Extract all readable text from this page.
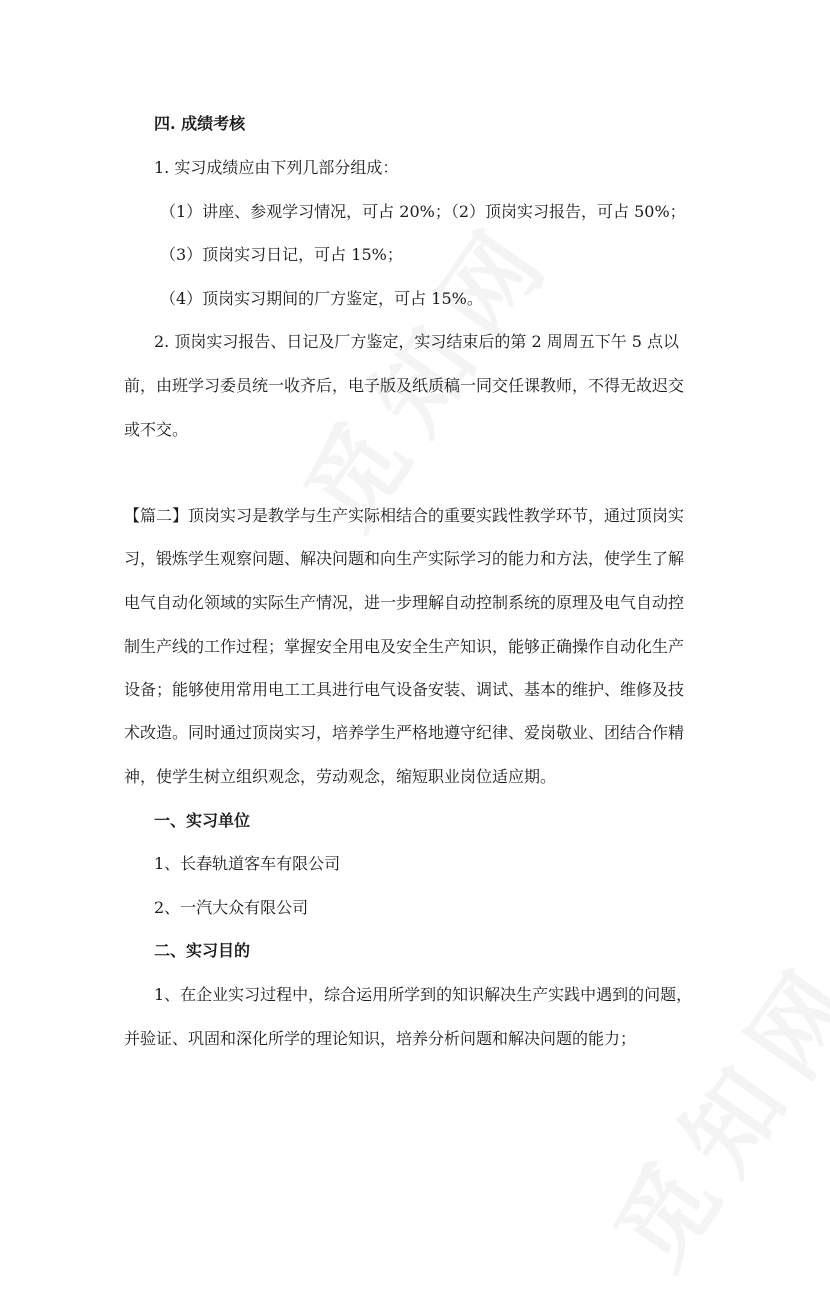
四. 成绩考核
1. 实习成绩应由下列几部分组成：
（1）讲座、参观学习情况，可占 20%；（2）顶岗实习报告，可占 50%；
（3）顶岗实习日记，可占 15%；
（4）顶岗实习期间的厂方鉴定，可占 15%。
2. 顶岗实习报告、日记及厂方鉴定，实习结束后的第 2 周周五下午 5 点以
前，由班学习委员统一收齐后，电子版及纸质稿一同交任课教师，不得无故迟交
或不交。
【篇二】顶岗实习是教学与生产实际相结合的重要实践性教学环节，通过顶岗实
习，锻炼学生观察问题、解决问题和向生产实际学习的能力和方法，使学生了解
电气自动化领域的实际生产情况，进一步理解自动控制系统的原理及电气自动控
制生产线的工作过程；掌握安全用电及安全生产知识，能够正确操作自动化生产
设备；能够使用常用电工工具进行电气设备安装、调试、基本的维护、维修及技
术改造。同时通过顶岗实习，培养学生严格地遵守纪律、爱岗敬业、团结合作精
神，使学生树立组织观念，劳动观念，缩短职业岗位适应期。
一、实习单位
1、长春轨道客车有限公司
2、一汽大众有限公司
二、实习目的
1、在企业实习过程中，综合运用所学到的知识解决生产实践中遇到的问题，
并验证、巩固和深化所学的理论知识，培养分析问题和解决问题的能力；
